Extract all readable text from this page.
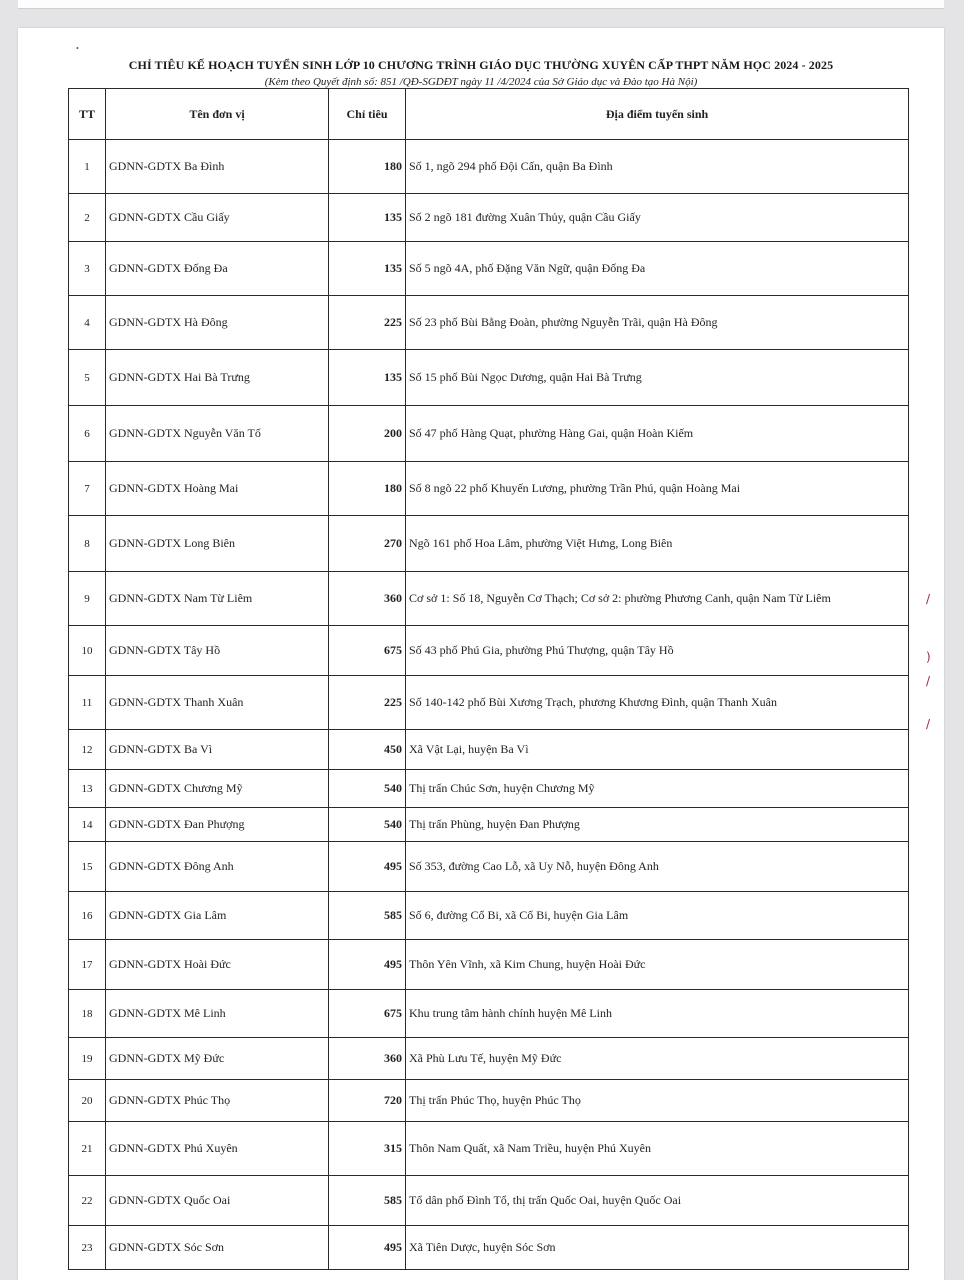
•
CHỈ TIÊU KẾ HOẠCH TUYỂN SINH LỚP 10 CHƯƠNG TRÌNH GIÁO DỤC THƯỜNG XUYÊN CẤP THPT NĂM HỌC 2024 - 2025
(Kèm theo Quyết định số: 851 /QĐ-SGDĐT ngày 11 /4/2024 của Sở Giáo dục và Đào tạo Hà Nội)
TT	Tên đơn vị	Chỉ tiêu	Địa điểm tuyển sinh
1	GDNN-GDTX Ba Đình	180	Số 1, ngõ 294 phố Đội Cấn, quận Ba Đình
2	GDNN-GDTX Cầu Giấy	135	Số 2 ngõ 181 đường Xuân Thủy, quận Cầu Giấy
3	GDNN-GDTX Đống Đa	135	Số 5 ngõ 4A, phố Đặng Văn Ngữ, quận Đống Đa
4	GDNN-GDTX Hà Đông	225	Số 23 phố Bùi Bằng Đoàn, phường Nguyễn Trãi, quận Hà Đông
5	GDNN-GDTX Hai Bà Trưng	135	Số 15 phố Bùi Ngọc Dương, quận Hai Bà Trưng
6	GDNN-GDTX Nguyễn Văn Tố	200	Số 47 phố Hàng Quạt, phường Hàng Gai, quận Hoàn Kiếm
7	GDNN-GDTX Hoàng Mai	180	Số 8 ngõ 22 phố Khuyến Lương, phường Trần Phú, quận Hoàng Mai
8	GDNN-GDTX Long Biên	270	Ngõ 161 phố Hoa Lâm, phường Việt Hưng, Long Biên
9	GDNN-GDTX Nam Từ Liêm	360	Cơ sở 1: Số 18, Nguyễn Cơ Thạch; Cơ sở 2: phường Phương Canh, quận Nam Từ Liêm
10	GDNN-GDTX Tây Hồ	675	Số 43 phố Phú Gia, phường Phú Thượng, quận Tây Hồ
11	GDNN-GDTX Thanh Xuân	225	Số 140-142 phố Bùi Xương Trạch, phương Khương Đình, quận Thanh Xuân
12	GDNN-GDTX Ba Vì	450	Xã Vật Lại, huyện Ba Vì
13	GDNN-GDTX Chương Mỹ	540	Thị trấn Chúc Sơn, huyện Chương Mỹ
14	GDNN-GDTX Đan Phượng	540	Thị trấn Phùng, huyện Đan Phượng
15	GDNN-GDTX Đông Anh	495	Số 353, đường Cao Lỗ, xã Uy Nỗ, huyện Đông Anh
16	GDNN-GDTX Gia Lâm	585	Số 6, đường Cổ Bi, xã Cổ Bi, huyện Gia Lâm
17	GDNN-GDTX Hoài Đức	495	Thôn Yên Vĩnh, xã Kim Chung, huyện Hoài Đức
18	GDNN-GDTX Mê Linh	675	Khu trung tâm hành chính huyện Mê Linh
19	GDNN-GDTX Mỹ Đức	360	Xã Phù Lưu Tế, huyện Mỹ Đức
20	GDNN-GDTX Phúc Thọ	720	Thị trấn Phúc Thọ, huyện Phúc Thọ
21	GDNN-GDTX Phú Xuyên	315	Thôn Nam Quất, xã Nam Triều, huyện Phú Xuyên
22	GDNN-GDTX Quốc Oai	585	Tổ dân phố Đình Tổ, thị trấn Quốc Oai, huyện Quốc Oai
23	GDNN-GDTX Sóc Sơn	495	Xã Tiên Dược, huyện Sóc Sơn
/
)
/
/
